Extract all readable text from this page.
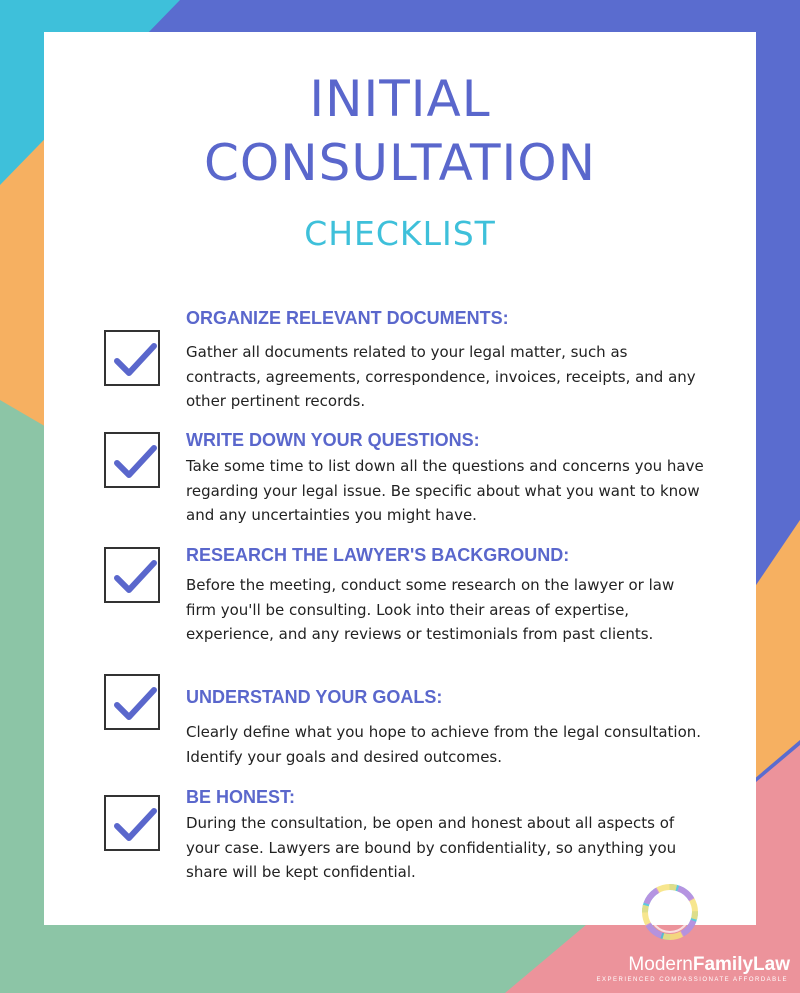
INITIAL
CONSULTATION
CHECKLIST
ORGANIZE RELEVANT DOCUMENTS:

Gather all documents related to your legal matter, such as contracts, agreements, correspondence, invoices, receipts, and any other pertinent records.

WRITE DOWN YOUR QUESTIONS:

Take some time to list down all the questions and concerns you have regarding your legal issue. Be specific about what you want to know and any uncertainties you might have.

RESEARCH THE LAWYER'S BACKGROUND:

Before the meeting, conduct some research on the lawyer or law firm you'll be consulting. Look into their areas of expertise, experience, and any reviews or testimonials from past clients.

UNDERSTAND YOUR GOALS:

Clearly define what you hope to achieve from the legal consultation. Identify your goals and desired outcomes.

BE HONEST:

During the consultation, be open and honest about all aspects of your case. Lawyers are bound by confidentiality, so anything you share will be kept confidential.

ModernFamilyLaw
EXPERIENCED COMPASSIONATE AFFORDABLE
